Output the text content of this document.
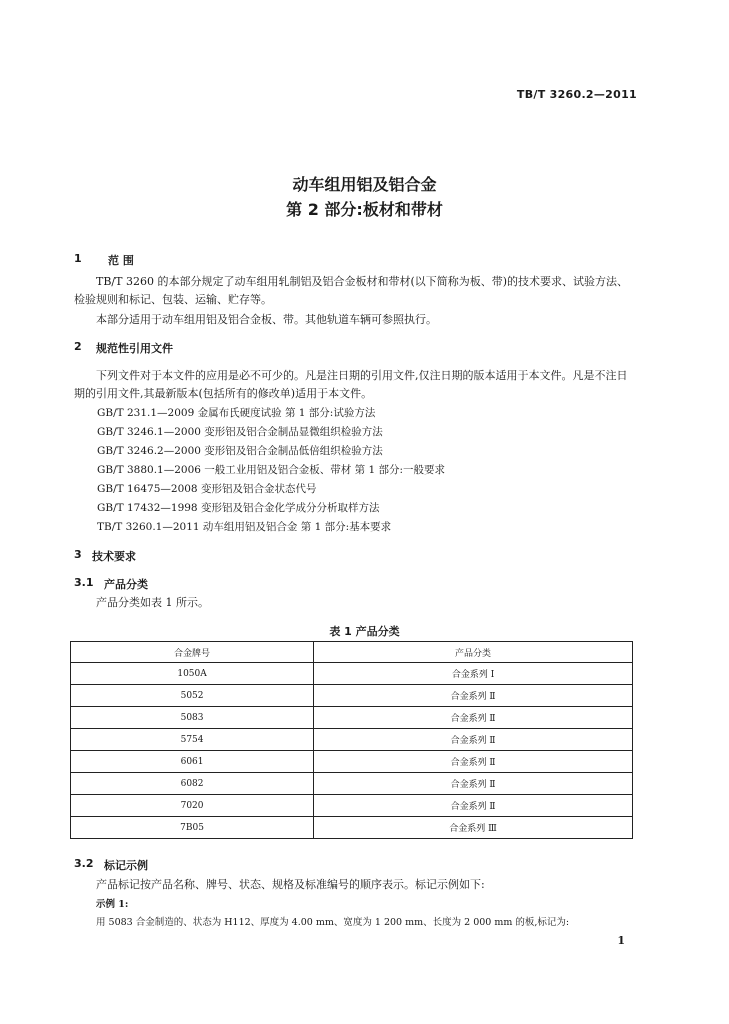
TB/T 3260.2—2011
动车组用铝及铝合金
第 2 部分:板材和带材
1 范 围
TB/T 3260 的本部分规定了动车组用轧制铝及铝合金板材和带材(以下简称为板、带)的技术要求、试验方法、检验规则和标记、包装、运输、贮存等。
本部分适用于动车组用铝及铝合金板、带。其他轨道车辆可参照执行。
2 规范性引用文件
下列文件对于本文件的应用是必不可少的。凡是注日期的引用文件,仅注日期的版本适用于本文件。凡是不注日期的引用文件,其最新版本(包括所有的修改单)适用于本文件。
GB/T 231.1—2009 金属布氏硬度试验 第 1 部分:试验方法
GB/T 3246.1—2000 变形铝及铝合金制品显微组织检验方法
GB/T 3246.2—2000 变形铝及铝合金制品低倍组织检验方法
GB/T 3880.1—2006 一般工业用铝及铝合金板、带材 第 1 部分:一般要求
GB/T 16475—2008 变形铝及铝合金状态代号
GB/T 17432—1998 变形铝及铝合金化学成分分析取样方法
TB/T 3260.1—2011 动车组用铝及铝合金 第 1 部分:基本要求
3 技术要求
3.1 产品分类
产品分类如表 1 所示。
表 1 产品分类
合金牌号	产品分类
1050A	合金系列 Ⅰ
5052	合金系列 Ⅱ
5083	合金系列 Ⅱ
5754	合金系列 Ⅱ
6061	合金系列 Ⅱ
6082	合金系列 Ⅱ
7020	合金系列 Ⅱ
7B05	合金系列 Ⅲ
3.2 标记示例
产品标记按产品名称、牌号、状态、规格及标准编号的顺序表示。标记示例如下:
示例 1:
用 5083 合金制造的、状态为 H112、厚度为 4.00 mm、宽度为 1 200 mm、长度为 2 000 mm 的板,标记为:
1
